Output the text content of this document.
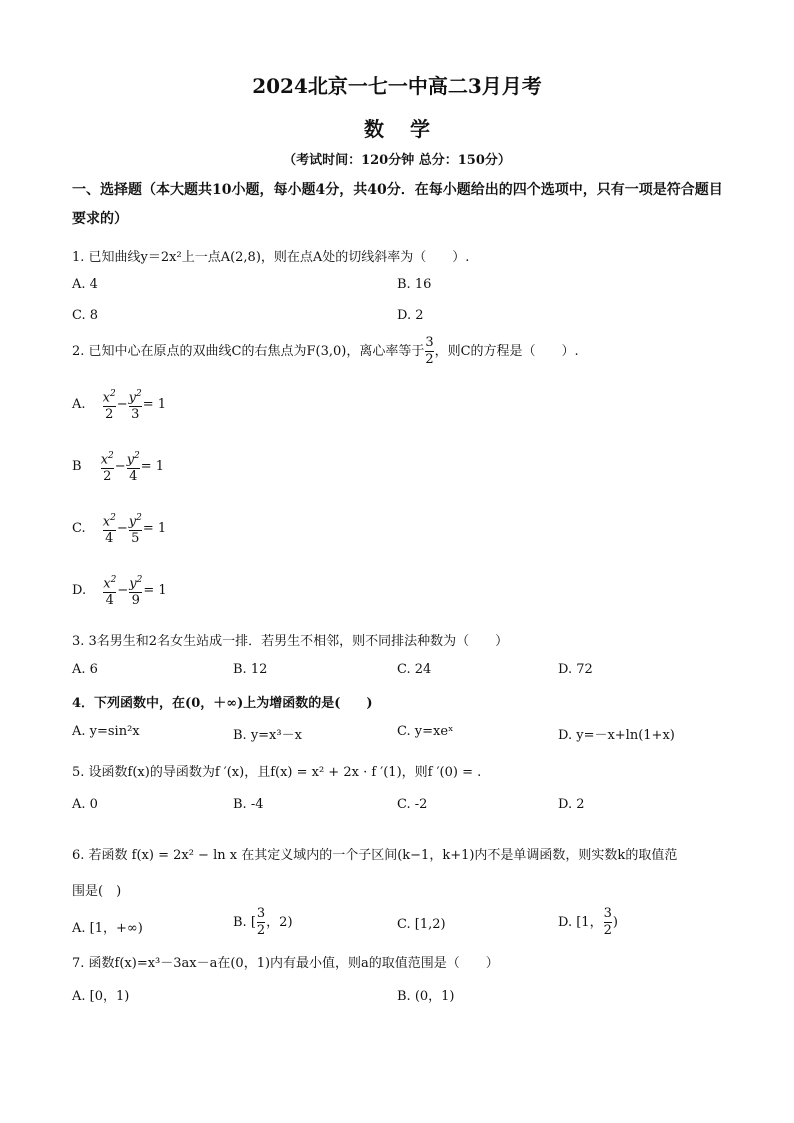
2024北京一七一中高二3月月考
数学
（考试时间：120分钟 总分：150分）
一、选择题（本大题共10小题，每小题4分，共40分．在每小题给出的四个选项中，只有一项是符合题目要求的）
1. 已知曲线y＝2x²上一点A(2,8)，则在点A处的切线斜率为（　　）.
A. 4	B. 16
C. 8	D. 2
2. 已知中心在原点的双曲线C的右焦点为F(3,0)，离心率等于 $\frac{3}{2}$ ，则C的方程是（　　）.
A. $\frac{x^2}{2} - \frac{y^2}{3} = 1$
B $\frac{x^2}{2} - \frac{y^2}{4} = 1$
C. $\frac{x^2}{4} - \frac{y^2}{5} = 1$
D. $\frac{x^2}{4} - \frac{y^2}{9} = 1$
3. 3名男生和2名女生站成一排．若男生不相邻，则不同排法种数为（　　）
A. 6	B. 12	C. 24	D. 72
4．下列函数中，在(0，＋∞)上为增函数的是(　　)
A. y=sin²x	B. y=x³－x	C. y=xeˣ	D. y=－x+ln(1+x)
5. 设函数f(x)的导函数为f ′(x)，且f(x) = x² + 2x · f ′(1)，则f ′(0) = .
A. 0	B. -4	C. -2	D. 2
6. 若函数 f(x) = 2x² − ln x 在其定义域内的一个子区间(k−1，k+1)内不是单调函数，则实数k的取值范
围是(　)
A. [1，+∞)	B. [ $\frac{3}{2}$ ，2)	C. [1,2)	D. [1， $\frac{3}{2}$ )
7. 函数f(x)=x³－3ax－a在(0，1)内有最小值，则a的取值范围是（　　）
A. [0，1)	B. (0，1)
